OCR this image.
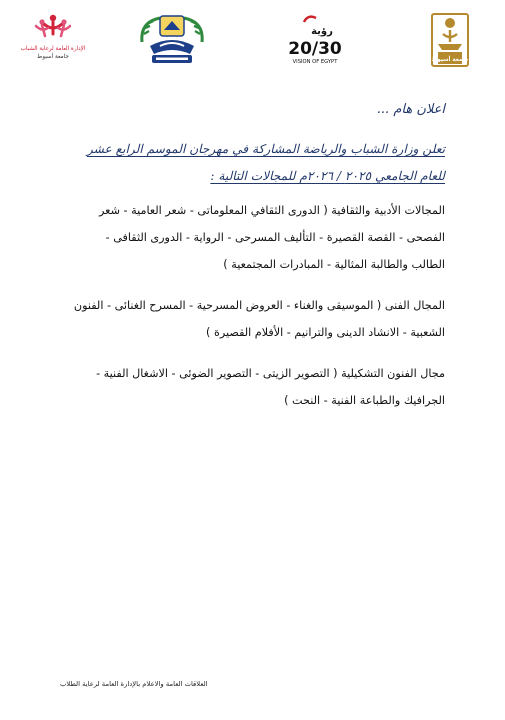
الإدارة العامة لرعاية الشباب
جامعة أسيوط
رؤية
20/30
VISION OF EGYPT	جامعة أسيوط
اعلان هام ...
تعلن وزارة الشباب والرياضة المشاركة في مهرجان الموسم الرابع عشر
للعام الجامعي ٢٠٢٥ / ٢٠٢٦م للمجالات التالية :
المجالات الأدبية والثقافية ( الدورى الثقافي المعلوماتى - شعر العامية - شعر
الفصحى - القصة القصيرة - التأليف المسرحى - الرواية - الدورى الثقافى -
الطالب والطالبة المثالية - المبادرات المجتمعية )
المجال الفنى ( الموسيقى والغناء - العروض المسرحية - المسرح الغنائى - الفنون
الشعبية - الانشاد الدينى والترانيم - الأفلام القصيرة )
مجال الفنون التشكيلية ( التصوير الزيتى - التصوير الضوئى - الاشغال الفنية -
الجرافيك والطباعة الفنية - النحت )
العلاقات العامة والاعلام بالإدارة العامة لرعاية الطلاب
